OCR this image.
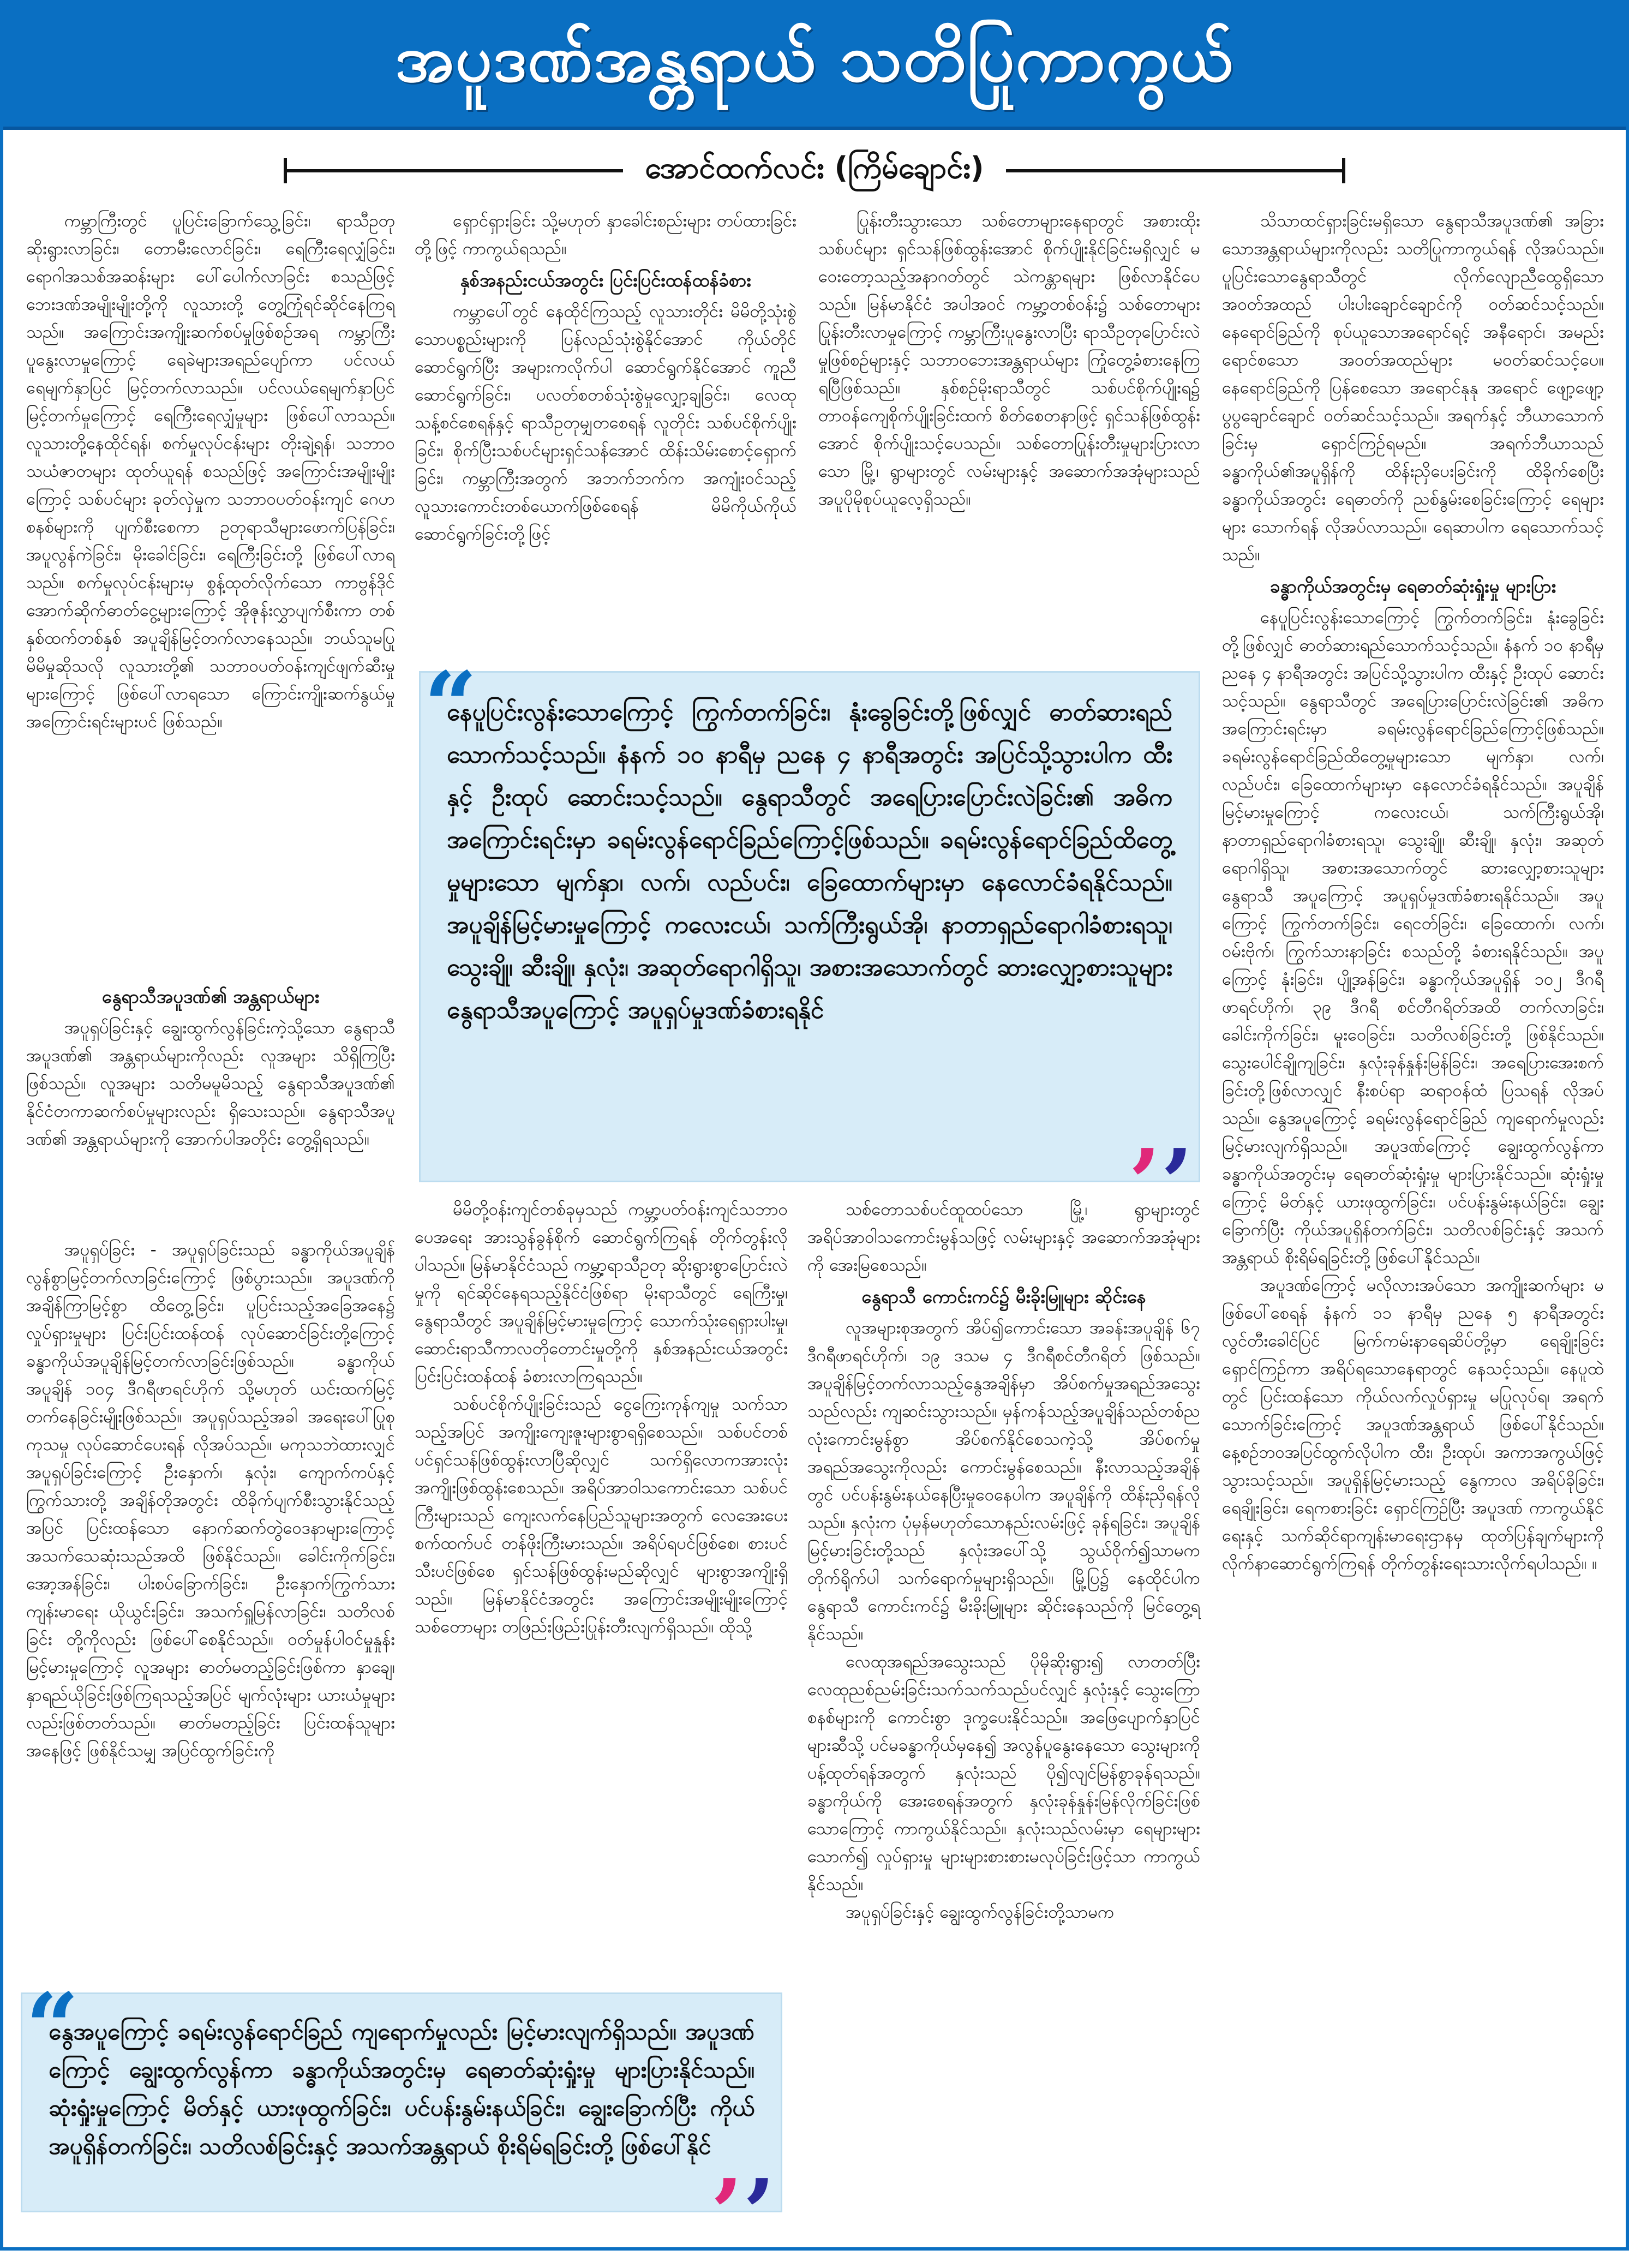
အပူဒဏ်အန္တရာယ် သတိပြုကာကွယ်
အောင်ထက်လင်း (ကြိမ်ချောင်း)

ကမ္ဘာကြီးတွင် ပူပြင်းခြောက်သွေ့ခြင်း၊ ရာသီဥတုဆိုးရွားလာခြင်း၊ တောမီးလောင်ခြင်း၊ ရေကြီးရေလျှံခြင်း၊ ရောဂါအသစ်အဆန်းများ ပေါ်ပေါက်လာခြင်း စသည်ဖြင့် ဘေးဒဏ်အမျိုးမျိုးတို့ကို လူသားတို့ တွေ့ကြုံရင်ဆိုင်နေကြရသည်။ အကြောင်းအကျိုးဆက်စပ်မှုဖြစ်စဉ်အရ ကမ္ဘာကြီးပူနွေးလာမှုကြောင့် ရေခဲများအရည်ပျော်ကာ ပင်လယ်ရေမျက်နှာပြင် မြင့်တက်လာသည်။ ပင်လယ်ရေမျက်နှာပြင်မြင့်တက်မှုကြောင့် ရေကြီးရေလျှံမှုများ ဖြစ်ပေါ်လာသည်။ လူသားတို့နေထိုင်ရန်၊ စက်မှုလုပ်ငန်းများ တိုးချဲ့ရန်၊ သဘာဝသယံဇာတများ ထုတ်ယူရန် စသည်ဖြင့် အကြောင်းအမျိုးမျိုးကြောင့် သစ်ပင်များ ခုတ်လှဲမှုက သဘာဝပတ်ဝန်းကျင် ဂေဟစနစ်များကို ပျက်စီးစေကာ ဥတုရာသီများဖောက်ပြန်ခြင်း၊ အပူလွန်ကဲခြင်း၊ မိုးခေါင်ခြင်း၊ ရေကြီးခြင်းတို့ ဖြစ်ပေါ်လာရသည်။ စက်မှုလုပ်ငန်းများမှ စွန့်ထုတ်လိုက်သော ကာဗွန်ဒိုင်အောက်ဆိုက်ဓာတ်ငွေ့များကြောင့် အိုဇုန်းလွှာပျက်စီးကာ တစ်နှစ်ထက်တစ်နှစ် အပူချိန်မြင့်တက်လာနေသည်။ ဘယ်သူမပြု မိမိမှုဆိုသလို လူသားတို့၏ သဘာဝပတ်ဝန်းကျင်ဖျက်ဆီးမှုများကြောင့် ဖြစ်ပေါ်လာရသော ကြောင်းကျိုးဆက်နွယ်မှု အကြောင်းရင်းများပင် ဖြစ်သည်။

နွေရာသီအပူဒဏ်၏ အန္တရာယ်များ

အပူရှပ်ခြင်းနှင့် ချွေးထွက်လွန်ခြင်းကဲ့သို့သော နွေရာသီအပူဒဏ်၏ အန္တရာယ်များကိုလည်း လူအများ သိရှိကြပြီး ဖြစ်သည်။ လူအများ သတိမမူမိသည့် နွေရာသီအပူဒဏ်၏ နိုင်ငံတကာဆက်စပ်မှုများလည်း ရှိသေးသည်။ နွေရာသီအပူဒဏ်၏ အန္တရာယ်များကို အောက်ပါအတိုင်း တွေ့ရှိရသည်။

အပူရှပ်ခြင်း - အပူရှပ်ခြင်းသည် ခန္ဓာကိုယ်အပူချိန် လွန်စွာမြင့်တက်လာခြင်းကြောင့် ဖြစ်ပွားသည်။ အပူဒဏ်ကို အချိန်ကြာမြင့်စွာ ထိတွေ့ခြင်း၊ ပူပြင်းသည့်အခြေအနေ၌ လှုပ်ရှားမှုများ ပြင်းပြင်းထန်ထန် လုပ်ဆောင်ခြင်းတို့ကြောင့် ခန္ဓာကိုယ်အပူချိန်မြင့်တက်လာခြင်းဖြစ်သည်။ ခန္ဓာကိုယ် အပူချိန် ၁၀၄ ဒီဂရီဖာရင်ဟိုက် သို့မဟုတ် ယင်းထက်မြင့်တက်နေခြင်းမျိုးဖြစ်သည်။ အပူရှပ်သည့်အခါ အရေးပေါ်ပြုစုကုသမှု လုပ်ဆောင်ပေးရန် လိုအပ်သည်။ မကုသဘဲထားလျှင် အပူရှပ်ခြင်းကြောင့် ဦးနှောက်၊ နှလုံး၊ ကျောက်ကပ်နှင့် ကြွက်သားတို့ အချိန်တိုအတွင်း ထိခိုက်ပျက်စီးသွားနိုင်သည့်အပြင် ပြင်းထန်သော နောက်ဆက်တွဲဝေဒနာများကြောင့် အသက်သေဆုံးသည်အထိ ဖြစ်နိုင်သည်။ ခေါင်းကိုက်ခြင်း၊ အော့အန်ခြင်း၊ ပါးစပ်ခြောက်ခြင်း၊ ဦးနှောက်ကြွက်သားကျန်းမာရေး ယိုယွင်းခြင်း၊ အသက်ရှူမြန်လာခြင်း၊ သတိလစ်ခြင်း တို့ကိုလည်း ဖြစ်ပေါ်စေနိုင်သည်။ ဝတ်မှုန်ပါဝင်မှုနှုန်း မြင့်မားမှုကြောင့် လူအများ ဓာတ်မတည့်ခြင်းဖြစ်ကာ နှာချေ၊ နှာရည်ယိုခြင်းဖြစ်ကြရသည့်အပြင် မျက်လုံးများ ယားယံမှုများ လည်းဖြစ်တတ်သည်။ ဓာတ်မတည့်ခြင်း ပြင်းထန်သူများအနေဖြင့် ဖြစ်နိုင်သမျှ အပြင်ထွက်ခြင်းကို

ရှောင်ရှားခြင်း သို့မဟုတ် နှာခေါင်းစည်းများ တပ်ထားခြင်းတို့ဖြင့် ကာကွယ်ရသည်။

နှစ်အနည်းငယ်အတွင်း ပြင်းပြင်းထန်ထန်ခံစား

ကမ္ဘာပေါ်တွင် နေထိုင်ကြသည့် လူသားတိုင်း မိမိတို့သုံးစွဲသောပစ္စည်းများကို ပြန်လည်သုံးစွဲနိုင်အောင် ကိုယ်တိုင်ဆောင်ရွက်ပြီး အများကလိုက်ပါ ဆောင်ရွက်နိုင်အောင် ကူညီဆောင်ရွက်ခြင်း၊ ပလတ်စတစ်သုံးစွဲမှုလျှော့ချခြင်း၊ လေထုသန့်စင်စေရန်နှင့် ရာသီဥတုမျှတစေရန် လူတိုင်း သစ်ပင်စိုက်ပျိုးခြင်း၊ စိုက်ပြီးသစ်ပင်များရှင်သန်အောင် ထိန်းသိမ်းစောင့်ရှောက်ခြင်း၊ ကမ္ဘာကြီးအတွက် အဘက်ဘက်က အကျုံးဝင်သည့်လူသားကောင်းတစ်ယောက်ဖြစ်စေရန် မိမိကိုယ်ကိုယ်ဆောင်ရွက်ခြင်းတို့ဖြင့်

မိမိတို့ဝန်းကျင်တစ်ခုမှသည် ကမ္ဘာ့ပတ်ဝန်းကျင်သဘာဝပေအရေး အားသွန်ခွန်စိုက် ဆောင်ရွက်ကြရန် တိုက်တွန်းလိုပါသည်။ မြန်မာနိုင်ငံသည် ကမ္ဘာ့ရာသီဥတု ဆိုးရွားစွာပြောင်းလဲမှုကို ရင်ဆိုင်နေရသည့်နိုင်ငံဖြစ်ရာ မိုးရာသီတွင် ရေကြီးမှု၊ နွေရာသီတွင် အပူချိန်မြင့်မားမှုကြောင့် သောက်သုံးရေရှားပါးမှု၊ ဆောင်းရာသီကာလတိုတောင်းမှုတို့ကို နှစ်အနည်းငယ်အတွင်း ပြင်းပြင်းထန်ထန် ခံစားလာကြရသည်။

သစ်ပင်စိုက်ပျိုးခြင်းသည် ငွေကြေးကုန်ကျမှု သက်သာသည့်အပြင် အကျိုးကျေးဇူးများစွာရရှိစေသည်။ သစ်ပင်တစ်ပင်ရှင်သန်ဖြစ်ထွန်းလာပြီဆိုလျှင် သက်ရှိလောကအားလုံး အကျိုးဖြစ်ထွန်းစေသည်။ အရိပ်အာဝါသကောင်းသော သစ်ပင်ကြီးများသည် ကျေးလက်နေပြည်သူများအတွက် လေအေးပေးစက်ထက်ပင် တန်ဖိုးကြီးမားသည်။ အရိပ်ရပင်ဖြစ်စေ၊ စားပင်သီးပင်ဖြစ်စေ ရှင်သန်ဖြစ်ထွန်းမည်ဆိုလျှင် များစွာအကျိုးရှိသည်။ မြန်မာနိုင်ငံအတွင်း အကြောင်းအမျိုးမျိုးကြောင့် သစ်တောများ တဖြည်းဖြည်းပြုန်းတီးလျက်ရှိသည်။ ထိုသို့

ပြုန်းတီးသွားသော သစ်တောများနေရာတွင် အစားထိုးသစ်ပင်များ ရှင်သန်ဖြစ်ထွန်းအောင် စိုက်ပျိုးနိုင်ခြင်းမရှိလျှင် မဝေးတော့သည့်အနာဂတ်တွင် သဲကန္တာရများ ဖြစ်လာနိုင်ပေသည်။ မြန်မာနိုင်ငံ အပါအဝင် ကမ္ဘာ့တစ်ဝန်း၌ သစ်တောများပြုန်းတီးလာမှုကြောင့် ကမ္ဘာကြီးပူနွေးလာပြီး ရာသီဥတုပြောင်းလဲမှုဖြစ်စဉ်များနှင့် သဘာဝဘေးအန္တရာယ်များ ကြုံတွေ့ခံစားနေကြရပြီဖြစ်သည်။ နှစ်စဉ်မိုးရာသီတွင် သစ်ပင်စိုက်ပျိုးရ၌ တာဝန်ကျေစိုက်ပျိုးခြင်းထက် စိတ်စေတနာဖြင့် ရှင်သန်ဖြစ်ထွန်းအောင် စိုက်ပျိုးသင့်ပေသည်။ သစ်တောပြုန်းတီးမှုများပြားလာသော မြို့၊ ရွာများတွင် လမ်းများနှင့် အဆောက်အအုံများသည် အပူပိုမိုစုပ်ယူလေ့ရှိသည်။

သစ်တောသစ်ပင်ထူထပ်သော မြို့၊ ရွာများတွင် အရိပ်အာဝါသကောင်းမွန်သဖြင့် လမ်းများနှင့် အဆောက်အအုံများကို အေးမြစေသည်။

နွေရာသီ ကောင်းကင်၌ မီးခိုးမြူများ ဆိုင်းနေ

လူအများစုအတွက် အိပ်၍ကောင်းသော အခန်းအပူချိန် ၆၇ ဒီဂရီဖာရင်ဟိုက်၊ ၁၉ ဒသမ ၄ ဒီဂရီစင်တီဂရိတ် ဖြစ်သည်။ အပူချိန်မြင့်တက်လာသည့်နွေအချိန်မှာ အိပ်စက်မှုအရည်အသွေးသည်လည်း ကျဆင်းသွားသည်။ မှန်ကန်သည့်အပူချိန်သည်တစ်ညလုံးကောင်းမွန်စွာ အိပ်စက်နိုင်စေသကဲ့သို့ အိပ်စက်မှုအရည်အသွေးကိုလည်း ကောင်းမွန်စေသည်။ နီးလာသည့်အချိန်တွင် ပင်ပန်းနွမ်းနယ်နေပြီးမှုဝေနေပါက အပူချိန်ကို ထိန်းညှိရန်လိုသည်။ နှလုံးက ပုံမှန်မဟုတ်သောနည်းလမ်းဖြင့် ခုန်ရခြင်း၊ အပူချိန်မြင့်မားခြင်းတို့သည် နှလုံးအပေါ်သို့ သွယ်ဝိုက်၍သာမက တိုက်ရိုက်ပါ သက်ရောက်မှုများရှိသည်။ မြို့ပြ၌ နေထိုင်ပါက နွေရာသီ ကောင်းကင်၌ မီးခိုးမြူများ ဆိုင်းနေသည်ကို မြင်တွေ့ရနိုင်သည်။

လေထုအရည်အသွေးသည် ပိုမိုဆိုးရွား၍ လာတတ်ပြီး လေထုညစ်ညမ်းခြင်းသက်သက်သည်ပင်လျှင် နှလုံးနှင့် သွေးကြောစနစ်များကို ကောင်းစွာ ဒုက္ခပေးနိုင်သည်။ အဖြေပျောက်နှာပြင်များဆီသို့ ပင်မခန္ဓာကိုယ်မှနေ၍ အလွန်ပူနွေးနေသော သွေးများကို ပန့်ထုတ်ရန်အတွက် နှလုံးသည် ပို၍လျင်မြန်စွာခုန်ရသည်။ ခန္ဓာကိုယ်ကို အေးစေရန်အတွက် နှလုံးခုန်နှုန်းမြန်လိုက်ခြင်းဖြစ်သောကြောင့် ကာကွယ်နိုင်သည်။ နှလုံးသည်လမ်းမှာ ရေများများ သောက်၍ လှုပ်ရှားမှု များများစားစားမလုပ်ခြင်းဖြင့်သာ ကာကွယ်နိုင်သည်။

အပူရှပ်ခြင်းနှင့် ချွေးထွက်လွန်ခြင်းတို့သာမက

သိသာထင်ရှားခြင်းမရှိသော နွေရာသီအပူဒဏ်၏ အခြားသောအန္တရာယ်များကိုလည်း သတိပြုကာကွယ်ရန် လိုအပ်သည်။ ပူပြင်းသောနွေရာသီတွင် လိုက်လျောညီထွေရှိသော အဝတ်အထည် ပါးပါးချောင်ချောင်ကို ဝတ်ဆင်သင့်သည်။ နေရောင်ခြည်ကို စုပ်ယူသောအရောင်ရင့် အနီရောင်၊ အမည်းရောင်စသော အဝတ်အထည်များ မဝတ်ဆင်သင့်ပေ။ နေရောင်ခြည်ကို ပြန်စေသော အရောင်နုနု အရောင် ဖျော့ဖျော့ ပွပွချောင်ချောင် ဝတ်ဆင်သင့်သည်။ အရက်နှင့် ဘီယာသောက်ခြင်းမှ ရှောင်ကြဉ်ရမည်။ အရက်ဘီယာသည် ခန္ဓာကိုယ်၏အပူရှိန်ကို ထိန်းညှိပေးခြင်းကို ထိခိုက်စေပြီး ခန္ဓာကိုယ်အတွင်း ရေဓာတ်ကို ညစ်နွမ်းစေခြင်းကြောင့် ရေများများ သောက်ရန် လိုအပ်လာသည်။ ရေဆာပါက ရေသောက်သင့်သည်။

ခန္ဓာကိုယ်အတွင်းမှ ရေဓာတ်ဆုံးရှုံးမှု များပြား

နေပူပြင်းလွန်းသောကြောင့် ကြွက်တက်ခြင်း၊ နုံးခွေခြင်းတို့ဖြစ်လျှင် ဓာတ်ဆားရည်သောက်သင့်သည်။ နံနက် ၁၀ နာရီမှ ညနေ ၄ နာရီအတွင်း အပြင်သို့သွားပါက ထီးနှင့် ဦးထုပ် ဆောင်းသင့်သည်။ နွေရာသီတွင် အရေပြားပြောင်းလဲခြင်း၏ အဓိက အကြောင်းရင်းမှာ ခရမ်းလွန်ရောင်ခြည်ကြောင့်ဖြစ်သည်။ ခရမ်းလွန်ရောင်ခြည်ထိတွေ့မှုများသော မျက်နှာ၊ လက်၊ လည်ပင်း၊ ခြေထောက်များမှာ နေလောင်ခံရနိုင်သည်။ အပူချိန်မြင့်မားမှုကြောင့် ကလေးငယ်၊ သက်ကြီးရွယ်အို၊ နာတာရှည်ရောဂါခံစားရသူ၊ သွေးချို၊ ဆီးချို၊ နှလုံး၊ အဆုတ်ရောဂါရှိသူ၊ အစားအသောက်တွင် ဆားလျှော့စားသူများ နွေရာသီ အပူကြောင့် အပူရှပ်မှုဒဏ်ခံစားရနိုင်သည်။ အပူကြောင့် ကြွက်တက်ခြင်း၊ ရေငတ်ခြင်း၊ ခြေထောက်၊ လက်၊ ဝမ်းဗိုက်၊ ကြွက်သားနာခြင်း စသည်တို့ ခံစားရနိုင်သည်။ အပူကြောင့် နုံးခြင်း၊ ပျို့အန်ခြင်း၊ ခန္ဓာကိုယ်အပူရှိန် ၁၀၂ ဒီဂရီဖာရင်ဟိုက်၊ ၃၉ ဒီဂရီ စင်တီဂရိတ်အထိ တက်လာခြင်း၊ ခေါင်းကိုက်ခြင်း၊ မူးဝေခြင်း၊ သတိလစ်ခြင်းတို့ ဖြစ်နိုင်သည်။ သွေးပေါင်ချိုကျခြင်း၊ နှလုံးခုန်နှုန်းမြန်ခြင်း၊ အရေပြားအေးစက်ခြင်းတို့ဖြစ်လာလျှင် နီးစပ်ရာ ဆရာဝန်ထံ ပြသရန် လိုအပ်သည်။ နွေအပူကြောင့် ခရမ်းလွန်ရောင်ခြည် ကျရောက်မှုလည်း မြင့်မားလျက်ရှိသည်။ အပူဒဏ်ကြောင့် ချွေးထွက်လွန်ကာ ခန္ဓာကိုယ်အတွင်းမှ ရေဓာတ်ဆုံးရှုံးမှု များပြားနိုင်သည်။ ဆုံးရှုံးမှုကြောင့် မိတ်နှင့် ယားဖုထွက်ခြင်း၊ ပင်ပန်းနွမ်းနယ်ခြင်း၊ ချွေးခြောက်ပြီး ကိုယ်အပူရှိန်တက်ခြင်း၊ သတိလစ်ခြင်းနှင့် အသက်အန္တရာယ် စိုးရိမ်ရခြင်းတို့ ဖြစ်ပေါ်နိုင်သည်။

အပူဒဏ်ကြောင့် မလိုလားအပ်သော အကျိုးဆက်များ မဖြစ်ပေါ်စေရန် နံနက် ၁၁ နာရီမှ ညနေ ၅ နာရီအတွင်း လွင်တီးခေါင်ပြင် မြက်ကမ်းနာရေဆိပ်တို့မှာ ရေချိုးခြင်းရှောင်ကြဉ်ကာ အရိပ်ရသောနေရာတွင် နေသင့်သည်။ နေပူထဲတွင် ပြင်းထန်သော ကိုယ်လက်လှုပ်ရှားမှု မပြုလုပ်ရ၊ အရက်သောက်ခြင်းကြောင့် အပူဒဏ်အန္တရာယ် ဖြစ်ပေါ်နိုင်သည်။ နေ့စဉ်ဘဝအပြင်ထွက်လိုပါက ထီး၊ ဦးထုပ်၊ အကာအကွယ်ဖြင့် သွားသင့်သည်။ အပူရှိန်မြင့်မားသည့် နွေကာလ အရိပ်ခိုခြင်း၊ ရေချိုးခြင်း၊ ရေကစားခြင်း ရှောင်ကြဉ်ပြီး အပူဒဏ် ကာကွယ်နိုင်ရေးနှင့် သက်ဆိုင်ရာကျန်းမာရေးဌာနမှ ထုတ်ပြန်ချက်များကို လိုက်နာဆောင်ရွက်ကြရန် တိုက်တွန်းရေးသားလိုက်ရပါသည်။ ။

“
နေပူပြင်းလွန်းသောကြောင့် ကြွက်တက်ခြင်း၊ နုံးခွေခြင်းတို့ဖြစ်လျှင် ဓာတ်ဆားရည်သောက်သင့်သည်။ နံနက် ၁၀ နာရီမှ ညနေ ၄ နာရီအတွင်း အပြင်သို့သွားပါက ထီးနှင့် ဦးထုပ် ဆောင်းသင့်သည်။ နွေရာသီတွင် အရေပြားပြောင်းလဲခြင်း၏ အဓိကအကြောင်းရင်းမှာ ခရမ်းလွန်ရောင်ခြည်ကြောင့်ဖြစ်သည်။ ခရမ်းလွန်ရောင်ခြည်ထိတွေ့မှုများသော မျက်နှာ၊ လက်၊ လည်ပင်း၊ ခြေထောက်များမှာ နေလောင်ခံရနိုင်သည်။ အပူချိန်မြင့်မားမှုကြောင့် ကလေးငယ်၊ သက်ကြီးရွယ်အို၊ နာတာရှည်ရောဂါခံစားရသူ၊ သွေးချို၊ ဆီးချို၊ နှလုံး၊ အဆုတ်ရောဂါရှိသူ၊ အစားအသောက်တွင် ဆားလျှော့စားသူများ နွေရာသီအပူကြောင့် အပူရှပ်မှုဒဏ်ခံစားရနိုင်
’’
“
နွေအပူကြောင့် ခရမ်းလွန်ရောင်ခြည် ကျရောက်မှုလည်း မြင့်မားလျက်ရှိသည်။ အပူဒဏ်ကြောင့် ချွေးထွက်လွန်ကာ ခန္ဓာကိုယ်အတွင်းမှ ရေဓာတ်ဆုံးရှုံးမှု များပြားနိုင်သည်။ ဆုံးရှုံးမှုကြောင့် မိတ်နှင့် ယားဖုထွက်ခြင်း၊ ပင်ပန်းနွမ်းနယ်ခြင်း၊ ချွေးခြောက်ပြီး ကိုယ်အပူရှိန်တက်ခြင်း၊ သတိလစ်ခြင်းနှင့် အသက်အန္တရာယ် စိုးရိမ်ရခြင်းတို့ ဖြစ်ပေါ်နိုင်
’’
